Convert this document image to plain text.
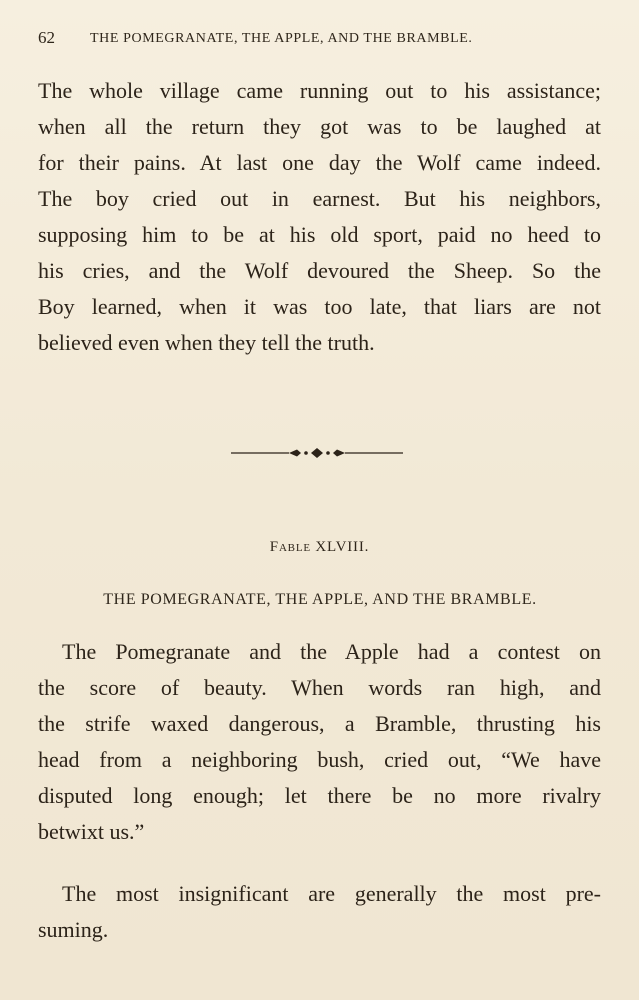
62	THE POMEGRANATE, THE APPLE, AND THE BRAMBLE.
The whole village came running out to his assistance;
when all the return they got was to be laughed at
for their pains. At last one day the Wolf came indeed.
The boy cried out in earnest. But his neighbors,
supposing him to be at his old sport, paid no heed to
his cries, and the Wolf devoured the Sheep. So the
Boy learned, when it was too late, that liars are not
believed even when they tell the truth.
Fable XLVIII.
THE POMEGRANATE, THE APPLE, AND THE BRAMBLE.
The Pomegranate and the Apple had a contest on
the score of beauty. When words ran high, and
the strife waxed dangerous, a Bramble, thrusting his
head from a neighboring bush, cried out, “We have
disputed long enough; let there be no more rivalry
betwixt us.”
The most insignificant are generally the most pre-
suming.
